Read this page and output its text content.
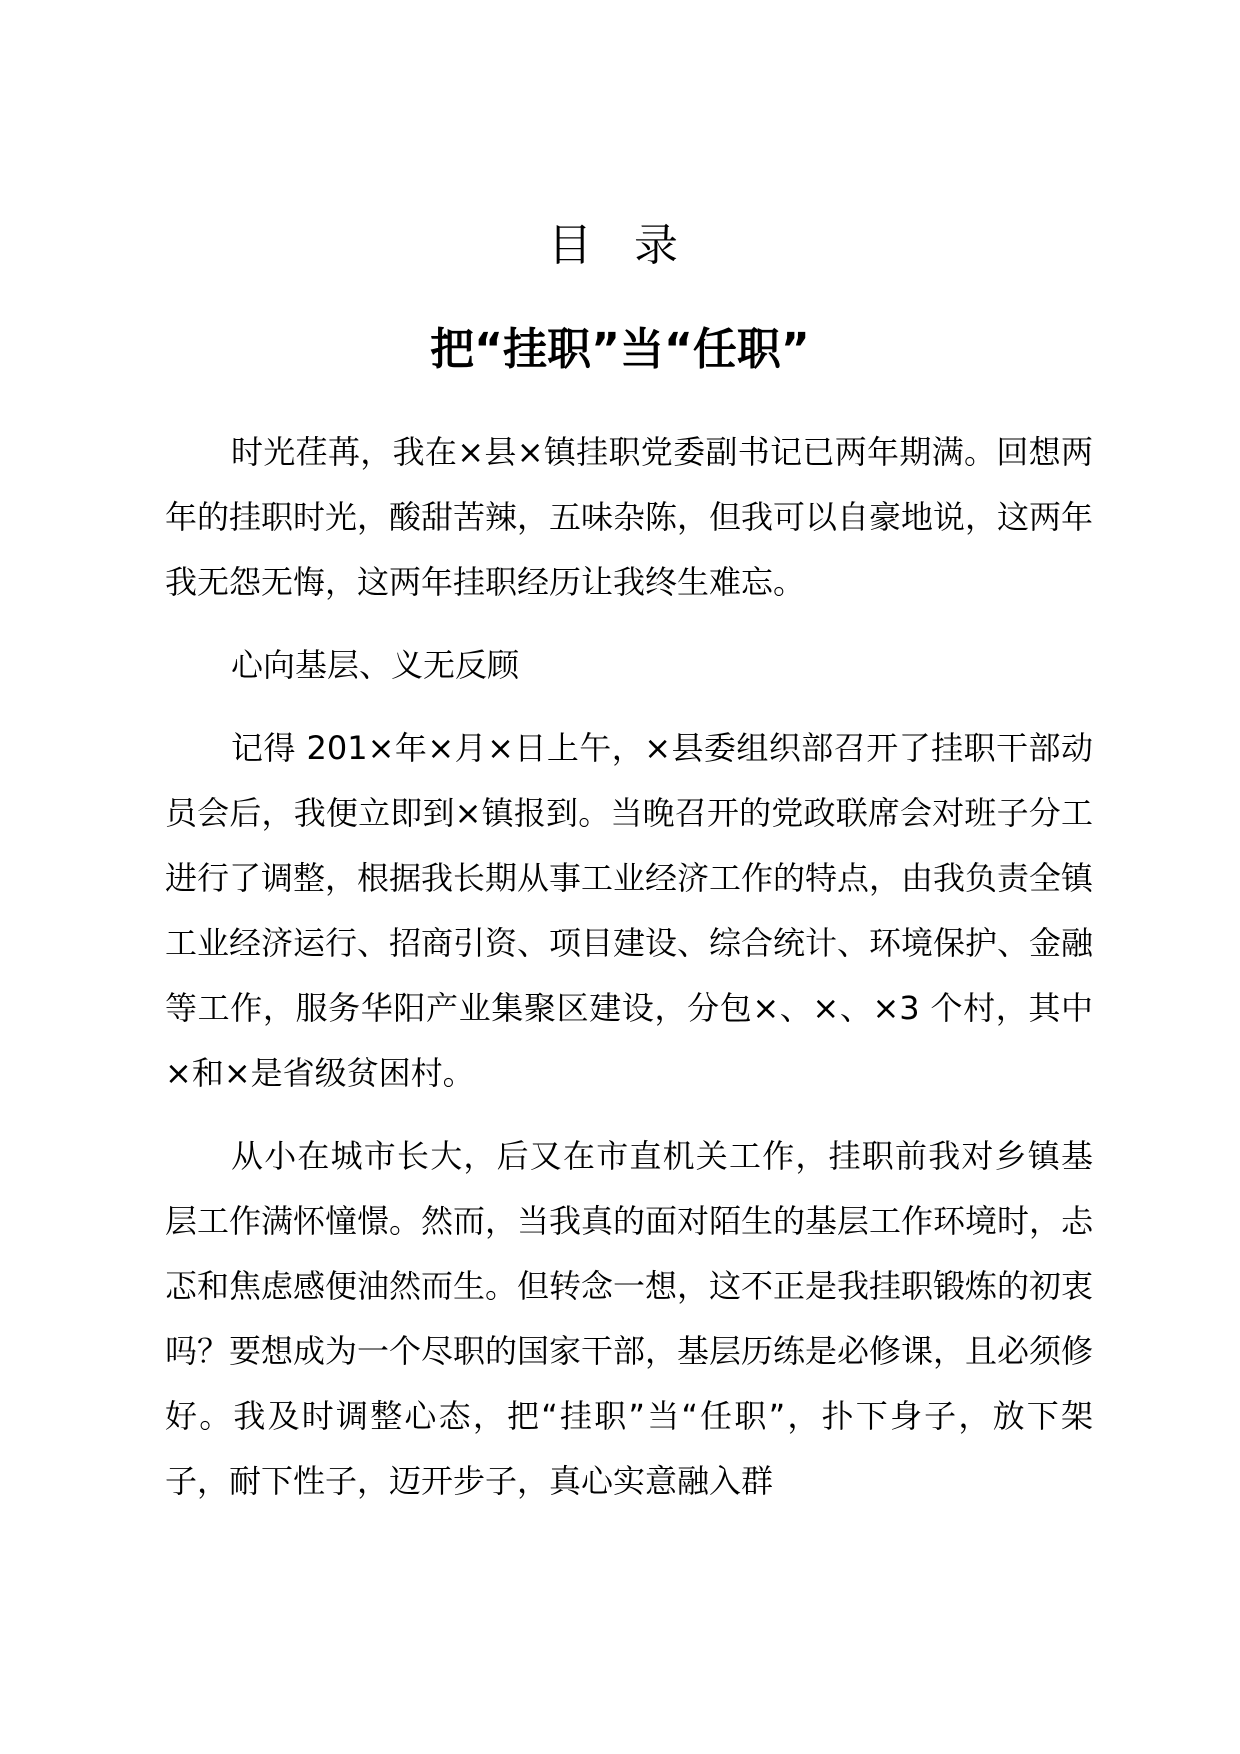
目 录
把“挂职”当“任职”

时光荏苒，我在×县×镇挂职党委副书记已两年期满。回想两年的挂职时光，酸甜苦辣，五味杂陈，但我可以自豪地说，这两年我无怨无悔，这两年挂职经历让我终生难忘。

心向基层、义无反顾

记得 201×年×月×日上午，×县委组织部召开了挂职干部动员会后，我便立即到×镇报到。当晚召开的党政联席会对班子分工进行了调整，根据我长期从事工业经济工作的特点，由我负责全镇工业经济运行、招商引资、项目建设、综合统计、环境保护、金融等工作，服务华阳产业集聚区建设，分包×、×、×3 个村，其中×和×是省级贫困村。

从小在城市长大，后又在市直机关工作，挂职前我对乡镇基层工作满怀憧憬。然而，当我真的面对陌生的基层工作环境时，忐忑和焦虑感便油然而生。但转念一想，这不正是我挂职锻炼的初衷吗？要想成为一个尽职的国家干部，基层历练是必修课，且必须修好。我及时调整心态，把“挂职”当“任职”，扑下身子，放下架子，耐下性子，迈开步子，真心实意融入群
